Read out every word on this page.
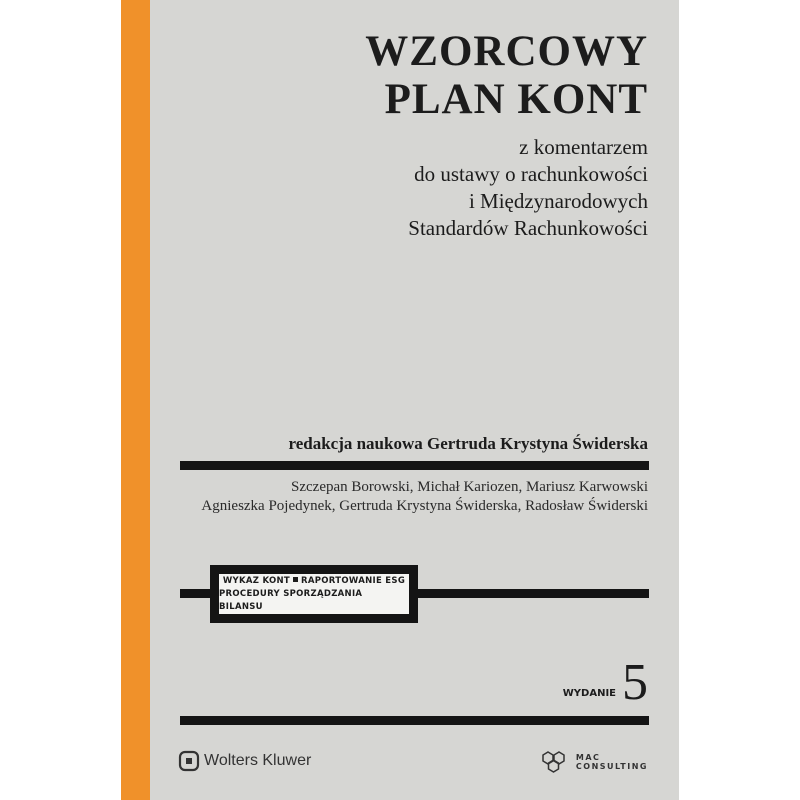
WZORCOWY
PLAN KONT
z komentarzem
do ustawy o rachunkowości
i Międzynarodowych
Standardów Rachunkowości
redakcja naukowa Gertruda Krystyna Świderska
Szczepan Borowski, Michał Kariozen, Mariusz Karwowski
Agnieszka Pojedynek, Gertruda Krystyna Świderska, Radosław Świderski
WYKAZ KONT RAPORTOWANIE ESG
PROCEDURY SPORZĄDZANIA BILANSU
WYDANIE 5
Wolters Kluwer	MAC
CONSULTING
